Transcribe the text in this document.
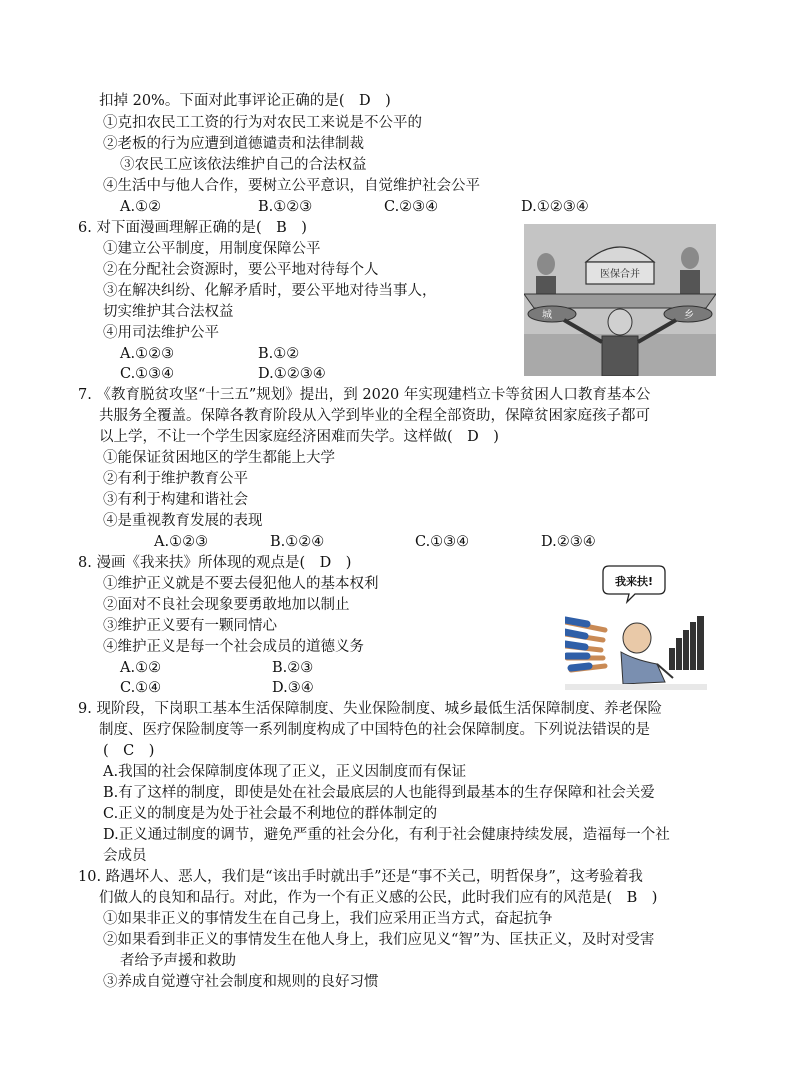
扣掉 20%。下面对此事评论正确的是(　D　)
①克扣农民工工资的行为对农民工来说是不公平的
②老板的行为应遭到道德谴责和法律制裁
③农民工应该依法维护自己的合法权益
④生活中与他人合作，要树立公平意识，自觉维护社会公平
A.①②	B.①②③	C.②③④	D.①②③④
6. 对下面漫画理解正确的是(　B　)
①建立公平制度，用制度保障公平
②在分配社会资源时，要公平地对待每个人
③在解决纠纷、化解矛盾时，要公平地对待当事人，
切实维护其合法权益
④用司法维护公平
A.①②③	B.①②
C.①③④	D.①②③④
医保合并
城	乡
7. 《教育脱贫攻坚“十三五”规划》提出，到 2020 年实现建档立卡等贫困人口教育基本公
共服务全覆盖。保障各教育阶段从入学到毕业的全程全部资助，保障贫困家庭孩子都可
以上学，不让一个学生因家庭经济困难而失学。这样做(　D　)
①能保证贫困地区的学生都能上大学
②有利于维护教育公平
③有利于构建和谐社会
④是重视教育发展的表现
A.①②③	B.①②④	C.①③④	D.②③④
8. 漫画《我来扶》所体现的观点是(　D　)
①维护正义就是不要去侵犯他人的基本权利
②面对不良社会现象要勇敢地加以制止
③维护正义要有一颗同情心
④维护正义是每一个社会成员的道德义务
A.①②	B.②③
C.①④	D.③④
我来扶!
9. 现阶段，下岗职工基本生活保障制度、失业保险制度、城乡最低生活保障制度、养老保险
制度、医疗保险制度等一系列制度构成了中国特色的社会保障制度。下列说法错误的是
(　C　)
A.我国的社会保障制度体现了正义，正义因制度而有保证
B.有了这样的制度，即使是处在社会最底层的人也能得到最基本的生存保障和社会关爱
C.正义的制度是为处于社会最不利地位的群体制定的
D.正义通过制度的调节，避免严重的社会分化，有利于社会健康持续发展，造福每一个社
会成员
10. 路遇坏人、恶人，我们是“该出手时就出手”还是“事不关己，明哲保身”，这考验着我
们做人的良知和品行。对此，作为一个有正义感的公民，此时我们应有的风范是(　B　)
①如果非正义的事情发生在自己身上，我们应采用正当方式，奋起抗争
②如果看到非正义的事情发生在他人身上，我们应见义“智”为、匡扶正义，及时对受害
者给予声援和救助
③养成自觉遵守社会制度和规则的良好习惯
